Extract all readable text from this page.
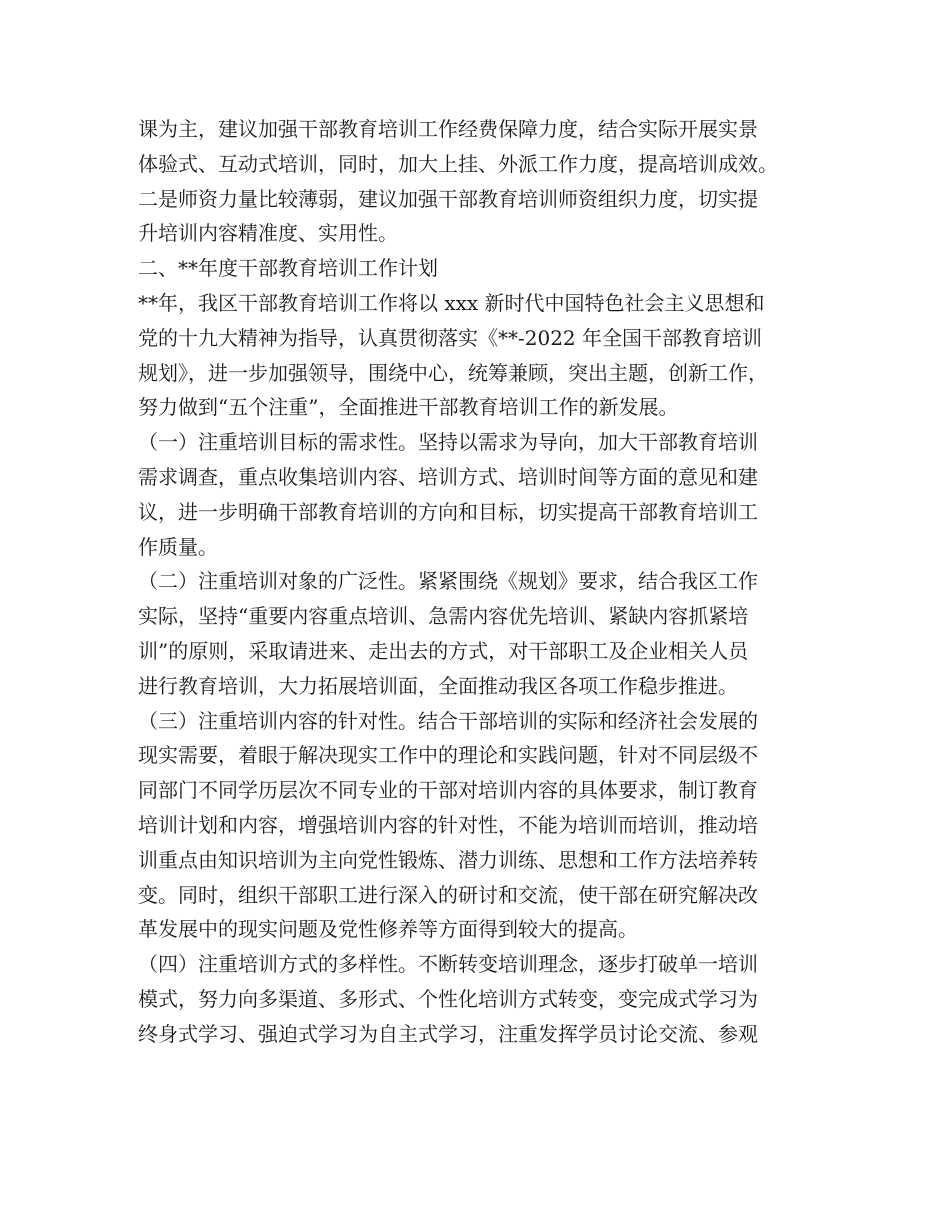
课为主，建议加强干部教育培训工作经费保障力度，结合实际开展实景
体验式、互动式培训，同时，加大上挂、外派工作力度，提高培训成效。
二是师资力量比较薄弱，建议加强干部教育培训师资组织力度，切实提
升培训内容精准度、实用性。
二、**年度干部教育培训工作计划
**年，我区干部教育培训工作将以 xxx 新时代中国特色社会主义思想和
党的十九大精神为指导，认真贯彻落实《**-2022 年全国干部教育培训
规划》，进一步加强领导，围绕中心，统筹兼顾，突出主题，创新工作，
努力做到“五个注重”，全面推进干部教育培训工作的新发展。
（一）注重培训目标的需求性。坚持以需求为导向，加大干部教育培训
需求调查，重点收集培训内容、培训方式、培训时间等方面的意见和建
议，进一步明确干部教育培训的方向和目标，切实提高干部教育培训工
作质量。
（二）注重培训对象的广泛性。紧紧围绕《规划》要求，结合我区工作
实际，坚持“重要内容重点培训、急需内容优先培训、紧缺内容抓紧培
训”的原则，采取请进来、走出去的方式，对干部职工及企业相关人员
进行教育培训，大力拓展培训面，全面推动我区各项工作稳步推进。
（三）注重培训内容的针对性。结合干部培训的实际和经济社会发展的
现实需要，着眼于解决现实工作中的理论和实践问题，针对不同层级不
同部门不同学历层次不同专业的干部对培训内容的具体要求，制订教育
培训计划和内容，增强培训内容的针对性，不能为培训而培训，推动培
训重点由知识培训为主向党性锻炼、潜力训练、思想和工作方法培养转
变。同时，组织干部职工进行深入的研讨和交流，使干部在研究解决改
革发展中的现实问题及党性修养等方面得到较大的提高。
（四）注重培训方式的多样性。不断转变培训理念，逐步打破单一培训
模式，努力向多渠道、多形式、个性化培训方式转变，变完成式学习为
终身式学习、强迫式学习为自主式学习，注重发挥学员讨论交流、参观
